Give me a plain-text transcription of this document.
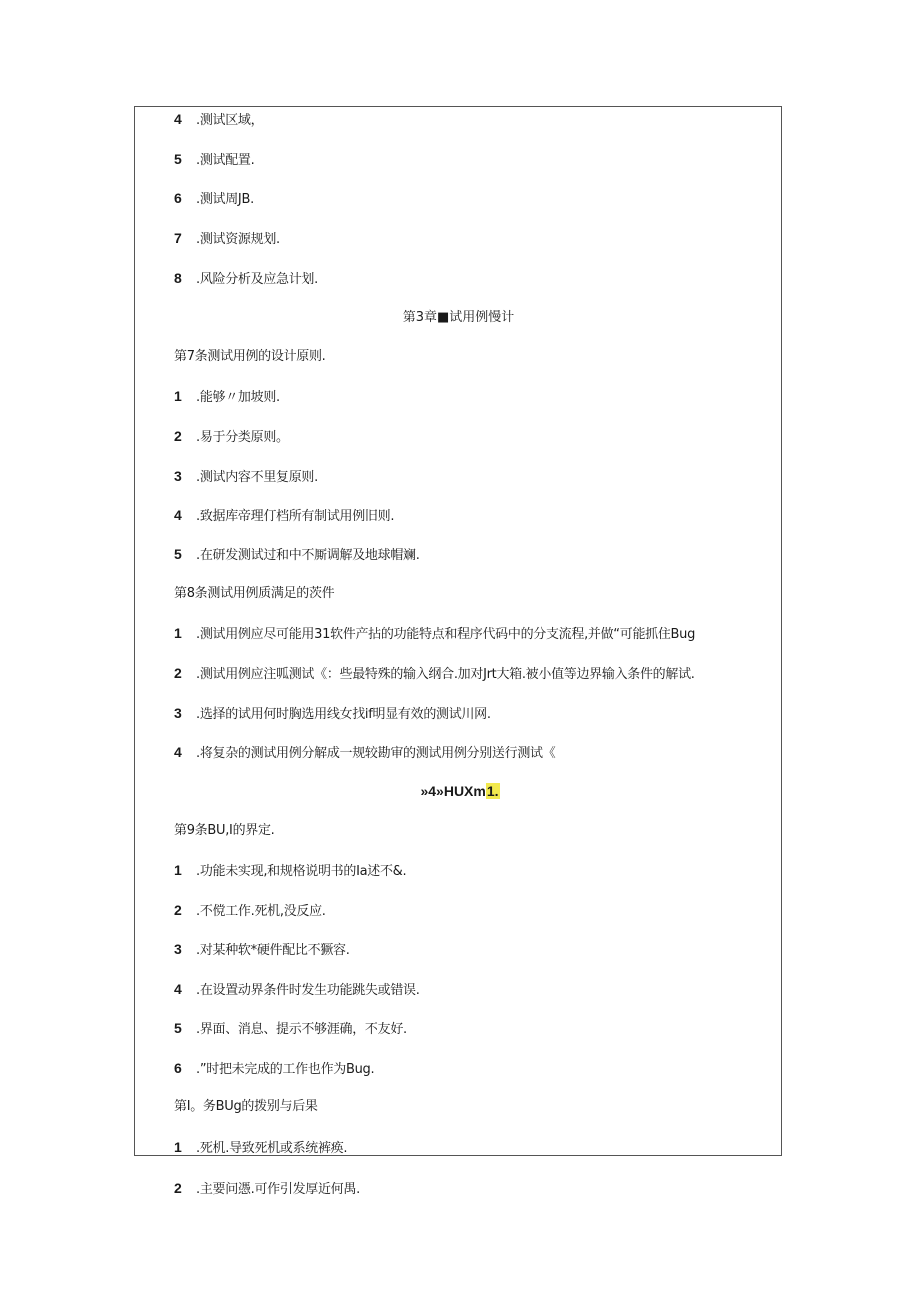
4 .测试区域，
5 .测试配置.
6 .测试周JB.
7 .测试资源规划.
8 .风险分析及应急计划.
第3章■试用例慢计
第7条测试用例的设计原则.
1 .能够〃加坡则.
2 .易于分类原则。
3 .测试内容不里复原则.
4 .致据库帝理仃档所有制试用例旧则.
5 .在研发测试过和中不厮调解及地球帽斓.
第8条测试用例质满足的茨件
1 .测试用例应尽可能用31软件产拈的功能特点和程序代码中的分支流程,并做“可能抓住Bug
2 .测试用例应注呱测试《：些最特殊的输入纲合.加对Jrt大箱.被小值等边界输入条件的解试.
3 .选择的试用何时胸选用线女找if明显有效的测试川网.
4 .将复杂的测试用例分解成一规较勘审的测试用例分别送行测试《
»4»HUXm1.
第9条BU,I的界定.
1 .功能未实现,和规格说明书的Ia述不&.
2 .不傥工作.死机,没反应.
3 .对某种软*硬件配比不獗容.
4 .在设置动界条件时发生功能跳失或错误.
5 .界面、消息、提示不够涯确，不友好.
6 .”时把未完成的工作也作为Bug.
第I。务BUg的拨别与后果
1 .死机.导致死机或系统裤痪.
2 .主要问憑.可作引发厚近何禺.
